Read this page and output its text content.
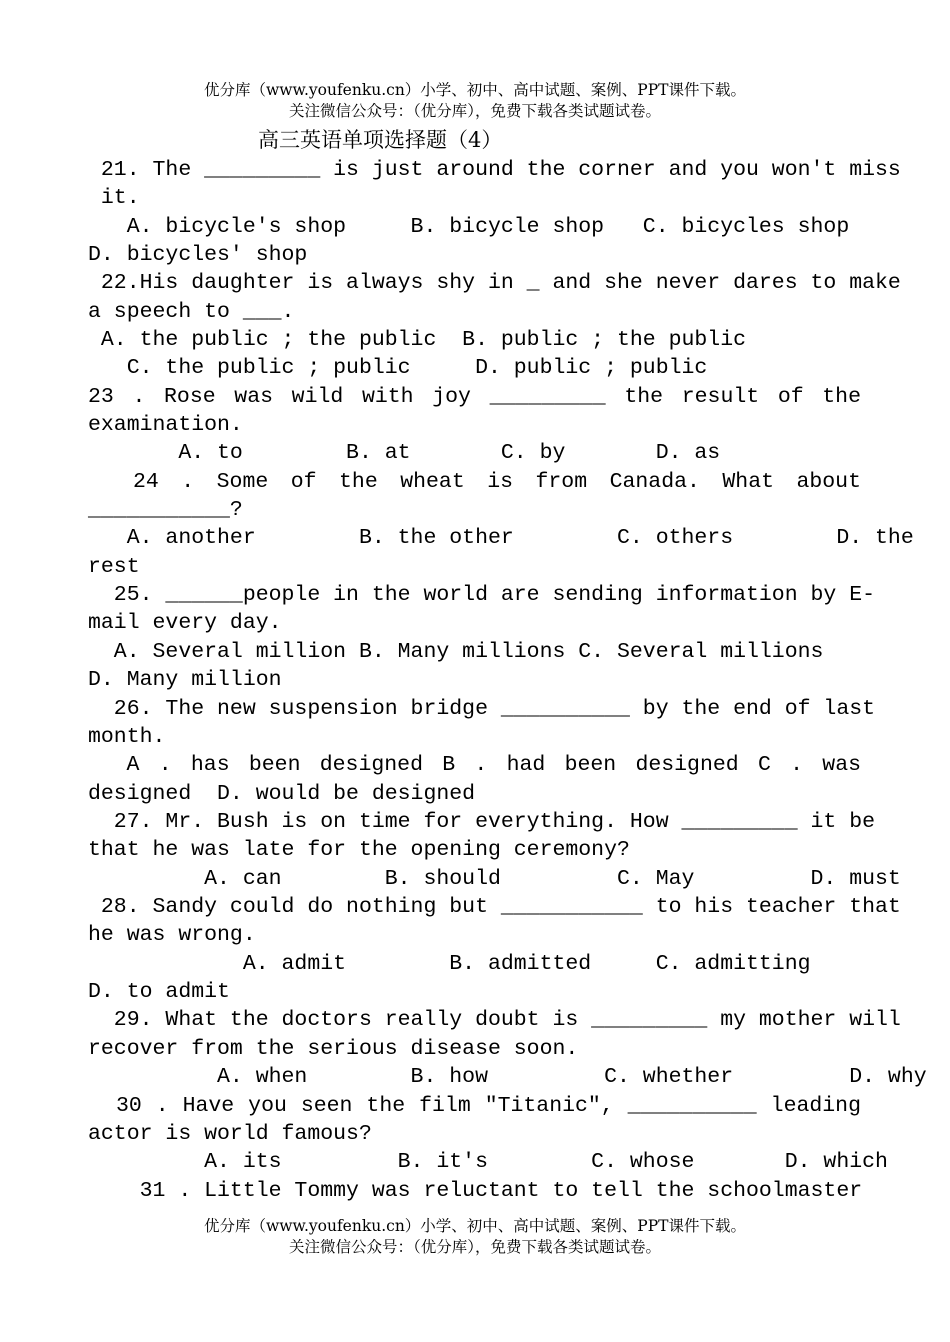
优分库（www.youfenku.cn）小学、初中、高中试题、案例、PPT课件下载。
关注微信公众号：（优分库），免费下载各类试题试卷。
高三英语单项选择题（4）
21. The _________ is just around the corner and you won't miss
it.
A. bicycle's shop     B. bicycle shop   C. bicycles shop
D. bicycles' shop
22.His daughter is always shy in _ and she never dares to make
a speech to ___.
A. the public ; the public  B. public ; the public
C. the public ; public     D. public ; public
23 . Rose was wild with joy _________ the result of the
examination.
A. to        B. at       C. by       D. as
24 . Some of the wheat is from Canada. What about
___________?
A. another        B. the other        C. others        D. the
rest
25. ______people in the world are sending information by E-
mail every day.
A. Several million B. Many millions C. Several millions
D. Many million
26. The new suspension bridge __________ by the end of last
month.
A . has been designed B . had been designed C . was
designed  D. would be designed
27. Mr. Bush is on time for everything. How _________ it be
that he was late for the opening ceremony?
A. can        B. should         C. May         D. must
28. Sandy could do nothing but ___________ to his teacher that
he was wrong.
A. admit        B. admitted     C. admitting
D. to admit
29. What the doctors really doubt is _________ my mother will
recover from the serious disease soon.
A. when        B. how         C. whether         D. why
30 . Have you seen the film "Titanic", __________ leading
actor is world famous?
A. its         B. it's        C. whose       D. which
31 . Little Tommy was reluctant to tell the schoolmaster
优分库（www.youfenku.cn）小学、初中、高中试题、案例、PPT课件下载。
关注微信公众号：（优分库），免费下载各类试题试卷。
